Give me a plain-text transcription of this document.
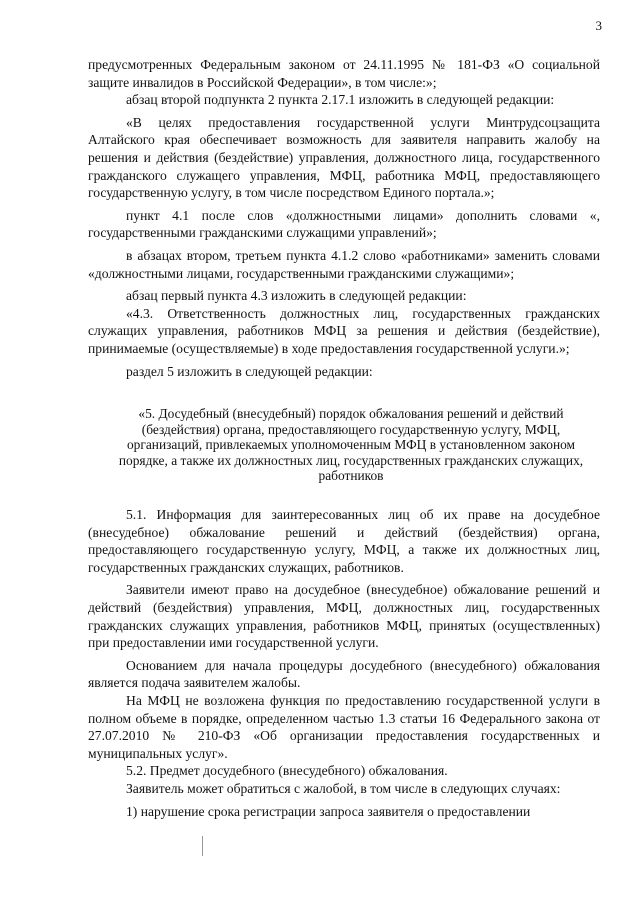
3

предусмотренных Федеральным законом от 24.11.1995 № 181-ФЗ «О социальной защите инвалидов в Российской Федерации», в том числе:»;

абзац второй подпункта 2 пункта 2.17.1 изложить в следующей редакции:

«В целях предоставления государственной услуги Минтрудсоцзащита Алтайского края обеспечивает возможность для заявителя направить жалобу на решения и действия (бездействие) управления, должностного лица, государственного гражданского служащего управления, МФЦ, работника МФЦ, предоставляющего государственную услугу, в том числе посредством Единого портала.»;

пункт 4.1 после слов «должностными лицами» дополнить словами «, государственными гражданскими служащими управлений»;

в абзацах втором, третьем пункта 4.1.2 слово «работниками» заменить словами «должностными лицами, государственными гражданскими служащими»;

абзац первый пункта 4.3 изложить в следующей редакции:

«4.3. Ответственность должностных лиц, государственных гражданских служащих управления, работников МФЦ за решения и действия (бездействие), принимаемые (осуществляемые) в ходе предоставления государственной услуги.»;

раздел 5 изложить в следующей редакции:

«5. Досудебный (внесудебный) порядок обжалования решений и действий (бездействия) органа, предоставляющего государственную услугу, МФЦ, организаций, привлекаемых уполномоченным МФЦ в установленном законом порядке, а также их должностных лиц, государственных гражданских служащих, работников

5.1. Информация для заинтересованных лиц об их праве на досудебное (внесудебное) обжалование решений и действий (бездействия) органа, предоставляющего государственную услугу, МФЦ, а также их должностных лиц, государственных гражданских служащих, работников.

Заявители имеют право на досудебное (внесудебное) обжалование решений и действий (бездействия) управления, МФЦ, должностных лиц, государственных гражданских служащих управления, работников МФЦ, принятых (осуществленных) при предоставлении ими государственной услуги.

Основанием для начала процедуры досудебного (внесудебного) обжалования является подача заявителем жалобы.

На МФЦ не возложена функция по предоставлению государственной услуги в полном объеме в порядке, определенном частью 1.3 статьи 16 Федерального закона от 27.07.2010 № 210-ФЗ «Об организации предоставления государственных и муниципальных услуг».

5.2. Предмет досудебного (внесудебного) обжалования.

Заявитель может обратиться с жалобой, в том числе в следующих случаях:

1) нарушение срока регистрации запроса заявителя о предоставлении
